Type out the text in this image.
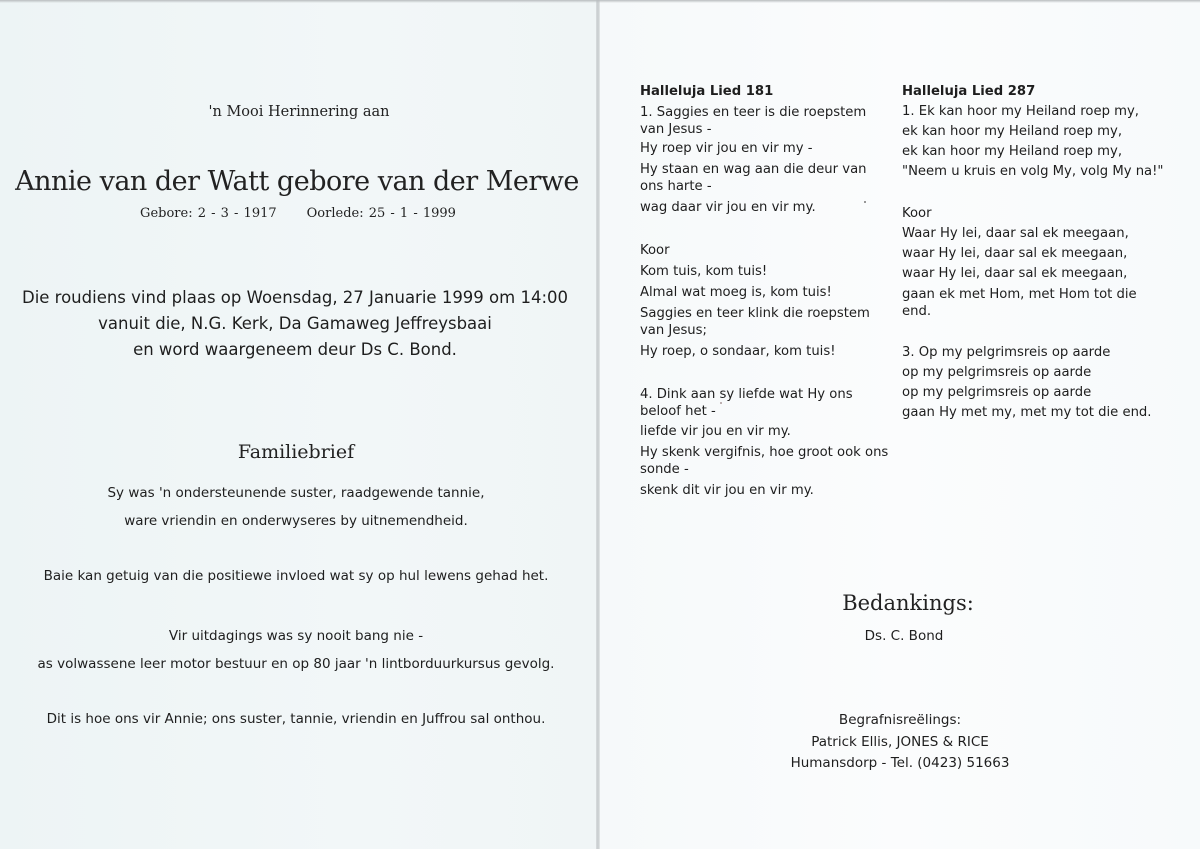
'n Mooi Herinnering aan
Annie van der Watt gebore van der Merwe
Gebore: 2 - 3 - 1917 Oorlede: 25 - 1 - 1999
Die roudiens vind plaas op Woensdag, 27 Januarie 1999 om 14:00
vanuit die, N.G. Kerk, Da Gamaweg Jeffreysbaai
en word waargeneem deur Ds C. Bond.
Familiebrief
Sy was 'n ondersteunende suster, raadgewende tannie,
ware vriendin en onderwyseres by uitnemendheid.
Baie kan getuig van die positiewe invloed wat sy op hul lewens gehad het.
Vir uitdagings was sy nooit bang nie -
as volwassene leer motor bestuur en op 80 jaar 'n lintborduurkursus gevolg.
Dit is hoe ons vir Annie; ons suster, tannie, vriendin en Juffrou sal onthou.
Halleluja Lied 181
1. Saggies en teer is die roepstem
van Jesus -
Hy roep vir jou en vir my -
Hy staan en wag aan die deur van
ons harte -
wag daar vir jou en vir my.
Koor
Kom tuis, kom tuis!
Almal wat moeg is, kom tuis!
Saggies en teer klink die roepstem
van Jesus;
Hy roep, o sondaar, kom tuis!
4. Dink aan sy liefde wat Hy ons
beloof het -
liefde vir jou en vir my.
Hy skenk vergifnis, hoe groot ook ons
sonde -
skenk dit vir jou en vir my.
Halleluja Lied 287
1. Ek kan hoor my Heiland roep my,
ek kan hoor my Heiland roep my,
ek kan hoor my Heiland roep my,
"Neem u kruis en volg My, volg My na!"
Koor
Waar Hy lei, daar sal ek meegaan,
waar Hy lei, daar sal ek meegaan,
waar Hy lei, daar sal ek meegaan,
gaan ek met Hom, met Hom tot die
end.
3. Op my pelgrimsreis op aarde
op my pelgrimsreis op aarde
op my pelgrimsreis op aarde
gaan Hy met my, met my tot die end.
Bedankings:
Ds. C. Bond
Begrafnisreëlings:
Patrick Ellis, JONES & RICE
Humansdorp - Tel. (0423) 51663
